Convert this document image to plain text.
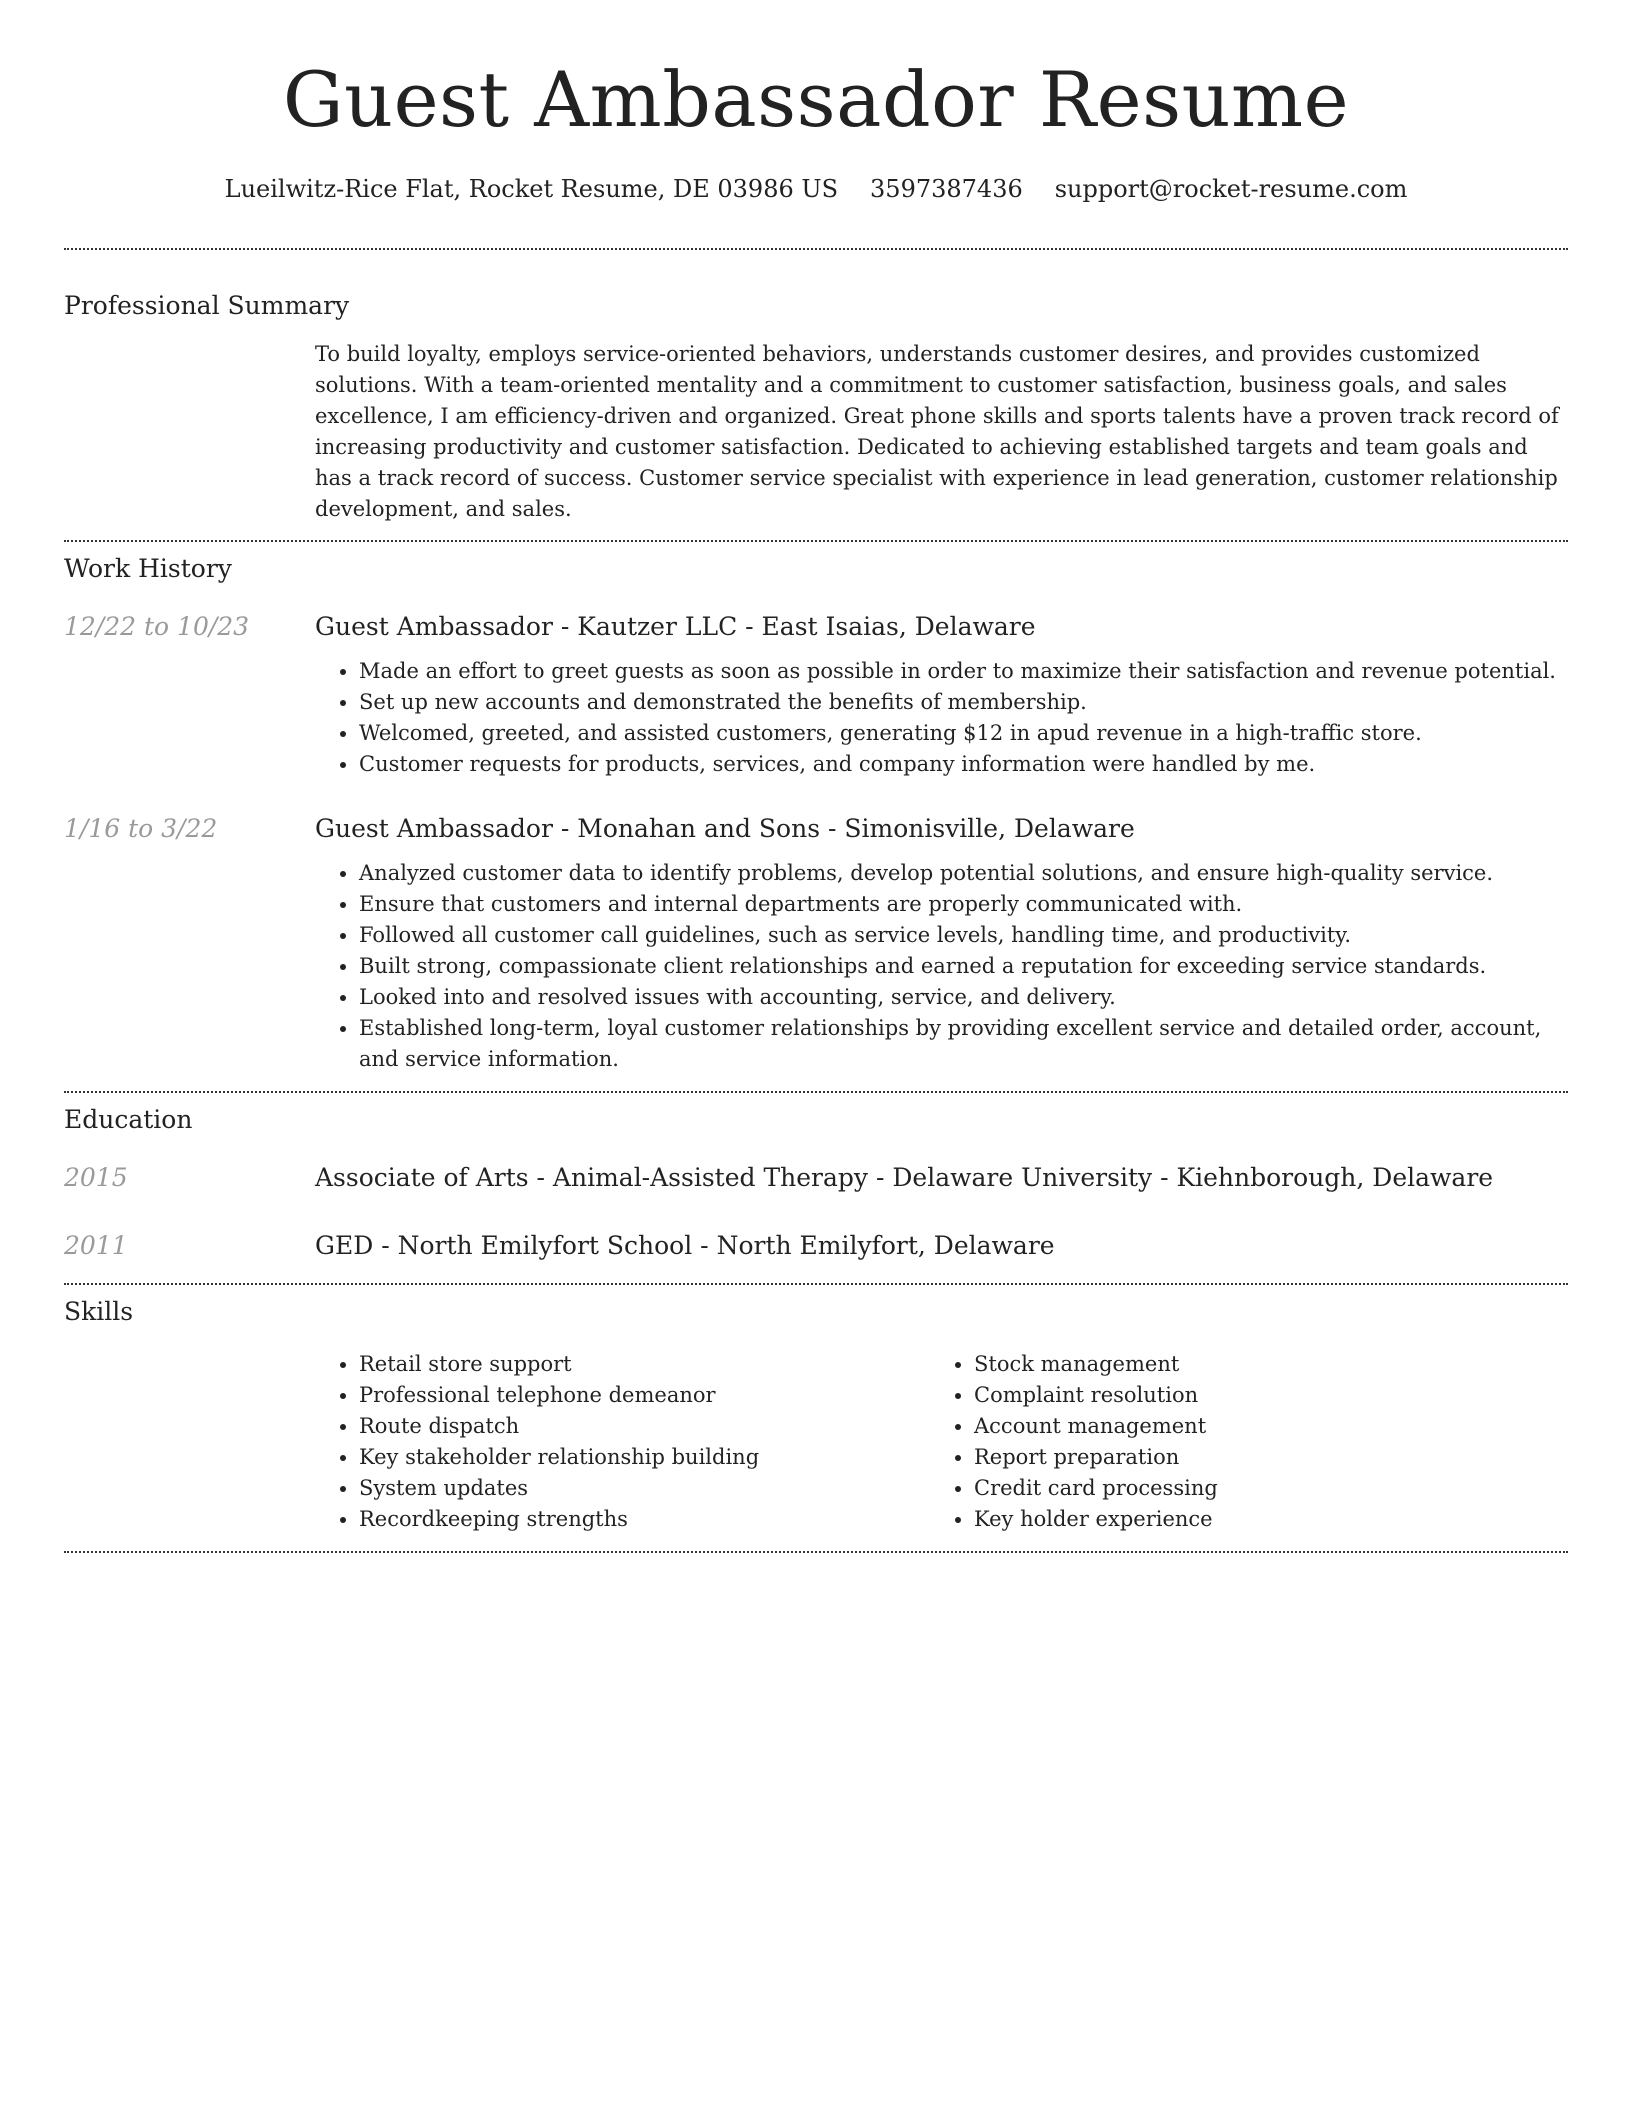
Guest Ambassador Resume
Lueilwitz-Rice Flat, Rocket Resume, DE 03986 US 3597387436 support@rocket-resume.com
Professional Summary
To build loyalty, employs service-oriented behaviors, understands customer desires, and provides customized solutions. With a team-oriented mentality and a commitment to customer satisfaction, business goals, and sales excellence, I am efficiency-driven and organized. Great phone skills and sports talents have a proven track record of increasing productivity and customer satisfaction. Dedicated to achieving established targets and team goals and has a track record of success. Customer service specialist with experience in lead generation, customer relationship development, and sales.
Work History
12/22 to 10/23	Guest Ambassador - Kautzer LLC - East Isaias, Delaware
• Made an effort to greet guests as soon as possible in order to maximize their satisfaction and revenue potential.
• Set up new accounts and demonstrated the benefits of membership.
• Welcomed, greeted, and assisted customers, generating $12 in apud revenue in a high-traffic store.
• Customer requests for products, services, and company information were handled by me.
1/16 to 3/22	Guest Ambassador - Monahan and Sons - Simonisville, Delaware
• Analyzed customer data to identify problems, develop potential solutions, and ensure high-quality service.
• Ensure that customers and internal departments are properly communicated with.
• Followed all customer call guidelines, such as service levels, handling time, and productivity.
• Built strong, compassionate client relationships and earned a reputation for exceeding service standards.
• Looked into and resolved issues with accounting, service, and delivery.
• Established long-term, loyal customer relationships by providing excellent service and detailed order, account, and service information.
Education
2015	Associate of Arts - Animal-Assisted Therapy - Delaware University - Kiehnborough, Delaware
2011	GED - North Emilyfort School - North Emilyfort, Delaware
Skills
• Retail store support
• Professional telephone demeanor
• Route dispatch
• Key stakeholder relationship building
• System updates
• Recordkeeping strengths
• Stock management
• Complaint resolution
• Account management
• Report preparation
• Credit card processing
• Key holder experience
